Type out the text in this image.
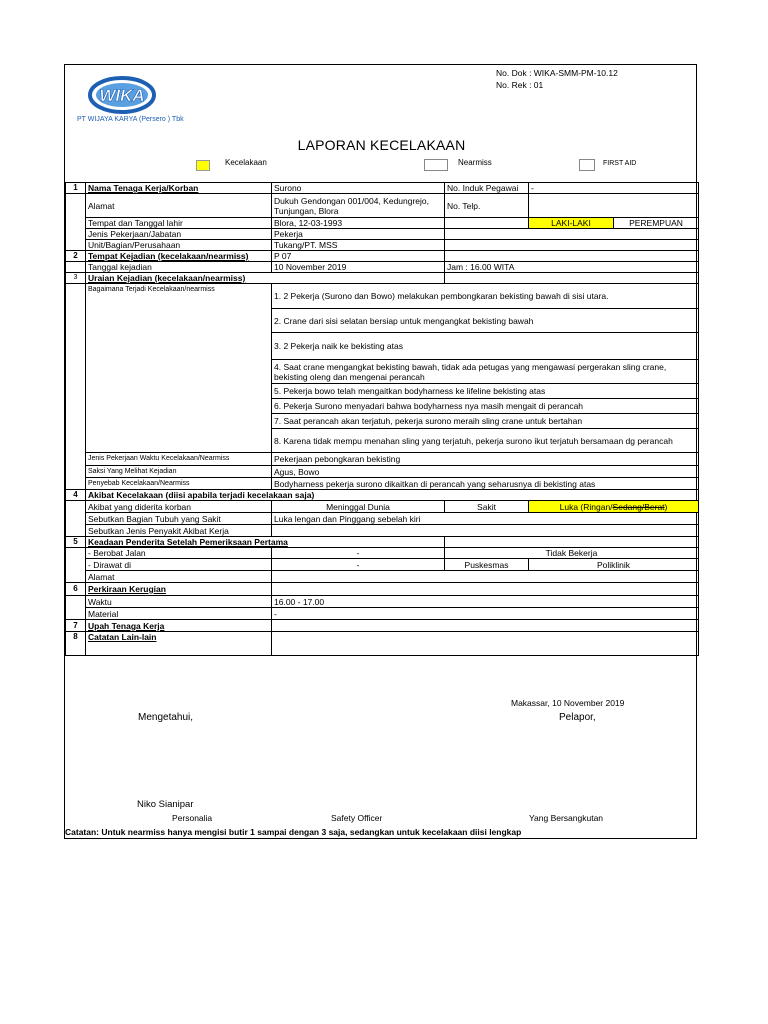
WIKA
PT WIJAYA KARYA (Persero ) Tbk
No. Dok : WIKA-SMM-PM-10.12
No. Rek : 01
LAPORAN KECELAKAAN
Kecelakaan	Nearmiss	FIRST AID
1	Nama Tenaga Kerja/Korban	Surono	No. Induk Pegawai	-	
	Alamat	Dukuh Gendongan 001/004, Kedungrejo, Tunjungan, Blora	No. Telp.		
	Tempat dan Tanggal lahir	Blora, 12-03-1993		LAKI-LAKI	PEREMPUAN
	Jenis Pekerjaan/Jabatan	Pekerja			
	Unit/Bagian/Perusahaan	Tukang/PT. MSS			
2	Tempat Kejadian (kecelakaan/nearmiss)	P 07			
	Tanggal kejadian	10 November 2019	Jam : 16.00 WITA		
3	Uraian Kejadian (kecelakaan/nearmiss)				
	Bagaimana Terjadi Kecelakaan/nearmiss	1. 2 Pekerja (Surono dan Bowo) melakukan pembongkaran bekisting bawah di sisi utara.			
		2. Crane dari sisi selatan bersiap untuk mengangkat bekisting bawah			
		3. 2 Pekerja naik ke bekisting atas			
		4. Saat crane mengangkat bekisting bawah, tidak ada petugas yang mengawasi pergerakan sling crane, bekisting oleng dan mengenai perancah			
		5. Pekerja bowo telah mengaitkan bodyharness ke lifeline bekisting atas			
		6. Pekerja Surono menyadari bahwa bodyharness nya masih mengait di perancah			
		7. Saat perancah akan terjatuh, pekerja surono meraih sling crane untuk bertahan			
		8. Karena tidak mempu menahan sling yang terjatuh, pekerja surono ikut terjatuh bersamaan dg perancah			
	Jenis Pekerjaan Waktu Kecelakaan/Nearmiss	Pekerjaan pebongkaran bekisting			
	Saksi Yang Melihat Kejadian	Agus, Bowo			
	Penyebab Kecelakaan/Nearmiss	Bodyharness pekerja surono dikaitkan di perancah yang seharusnya di bekisting atas			
4	Akibat Kecelakaan (diisi apabila terjadi kecelakaan saja)				
	Akibat yang diderita korban	Meninggal Dunia	Sakit	Luka (Ringan/Sedang/Berat)	
	Sebutkan Bagian Tubuh yang Sakit	Luka lengan dan Pinggang sebelah kiri			
	Sebutkan Jenis Penyakit Akibat Kerja				
5	Keadaan Penderita Setelah Pemeriksaan Pertama				
	- Berobat Jalan	-	Tidak Bekerja		
	- Dirawat di	-	Puskesmas	Poliklinik	
	Alamat				
6	Perkiraan Kerugian				
	Waktu	16.00 - 17.00			
	Material	-			
7	Upah Tenaga Kerja				
8	Catatan Lain-lain				
Makassar, 10 November 2019
Mengetahui,	Pelapor,
Niko Sianipar
Personalia	Safety Officer	Yang Bersangkutan
Catatan: Untuk nearmiss hanya mengisi butir 1 sampai dengan 3 saja, sedangkan untuk kecelakaan diisi lengkap
